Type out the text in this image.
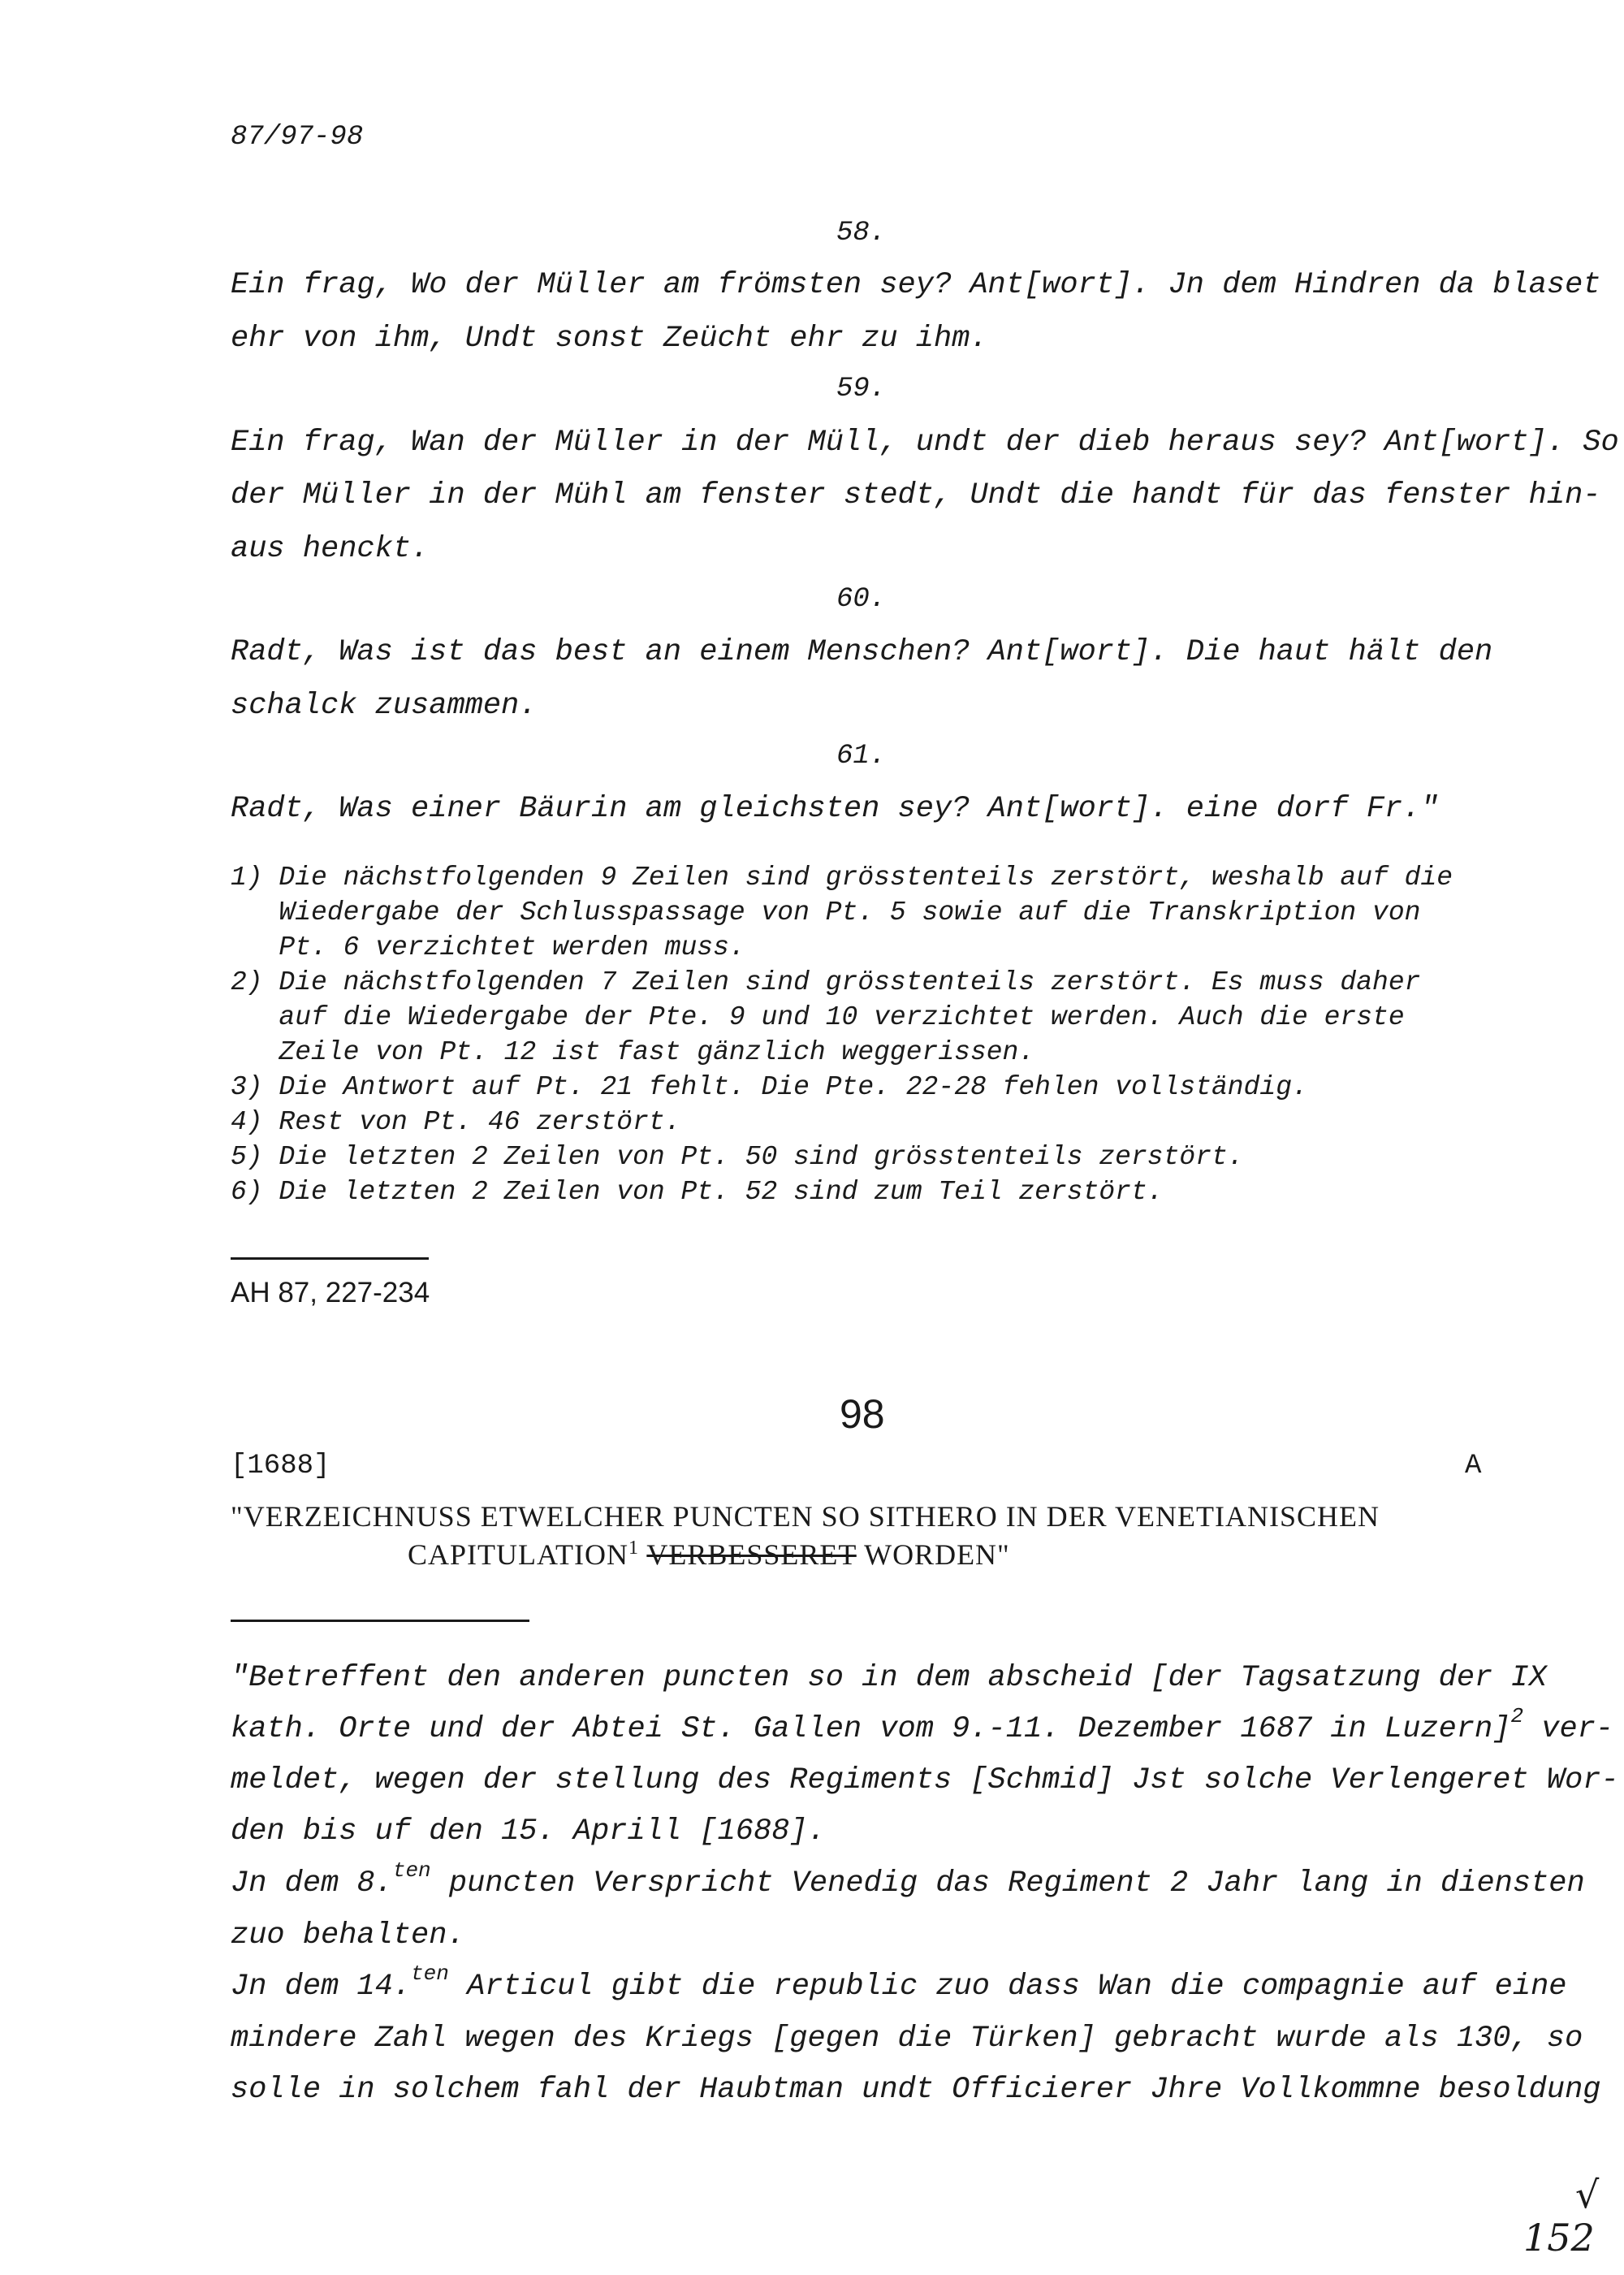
87/97-98
58.
Ein frag, Wo der Müller am frömsten sey? Ant[wort]. Jn dem Hindren da blaset
ehr von ihm, Undt sonst Zeücht ehr zu ihm.
59.
Ein frag, Wan der Müller in der Müll, undt der dieb heraus sey? Ant[wort]. So
der Müller in der Mühl am fenster stedt, Undt die handt für das fenster hin-
aus henckt.
60.
Radt, Was ist das best an einem Menschen? Ant[wort]. Die haut hält den
schalck zusammen.
61.
Radt, Was einer Bäurin am gleichsten sey? Ant[wort]. eine dorf Fr."
1) Die nächstfolgenden 9 Zeilen sind grösstenteils zerstört, weshalb auf die
Wiedergabe der Schlusspassage von Pt. 5 sowie auf die Transkription von
Pt. 6 verzichtet werden muss.
2) Die nächstfolgenden 7 Zeilen sind grösstenteils zerstört. Es muss daher
auf die Wiedergabe der Pte. 9 und 10 verzichtet werden. Auch die erste
Zeile von Pt. 12 ist fast gänzlich weggerissen.
3) Die Antwort auf Pt. 21 fehlt. Die Pte. 22-28 fehlen vollständig.
4) Rest von Pt. 46 zerstört.
5) Die letzten 2 Zeilen von Pt. 50 sind grösstenteils zerstört.
6) Die letzten 2 Zeilen von Pt. 52 sind zum Teil zerstört.
AH 87, 227-234
98
[1688]	A
"VERZEICHNUSS ETWELCHER PUNCTEN SO SITHERO IN DER VENETIANISCHEN
CAPITULATION$^1$ VERBESSERET WORDEN"
"Betreffent den anderen puncten so in dem abscheid [der Tagsatzung der IX
kath. Orte und der Abtei St. Gallen vom 9.-11. Dezember 1687 in Luzern]$^2$ ver-
meldet, wegen der stellung des Regiments [Schmid] Jst solche Verlengeret Wor-
den bis uf den 15. Aprill [1688].
Jn dem 8.$^{ten}$ puncten Verspricht Venedig das Regiment 2 Jahr lang in diensten
zuo behalten.
Jn dem 14.$^{ten}$ Articul gibt die republic zuo dass Wan die compagnie auf eine
mindere Zahl wegen des Kriegs [gegen die Türken] gebracht wurde als 130, so
solle in solchem fahl der Haubtman undt Officierer Jhre Vollkommne besoldung
√
152
